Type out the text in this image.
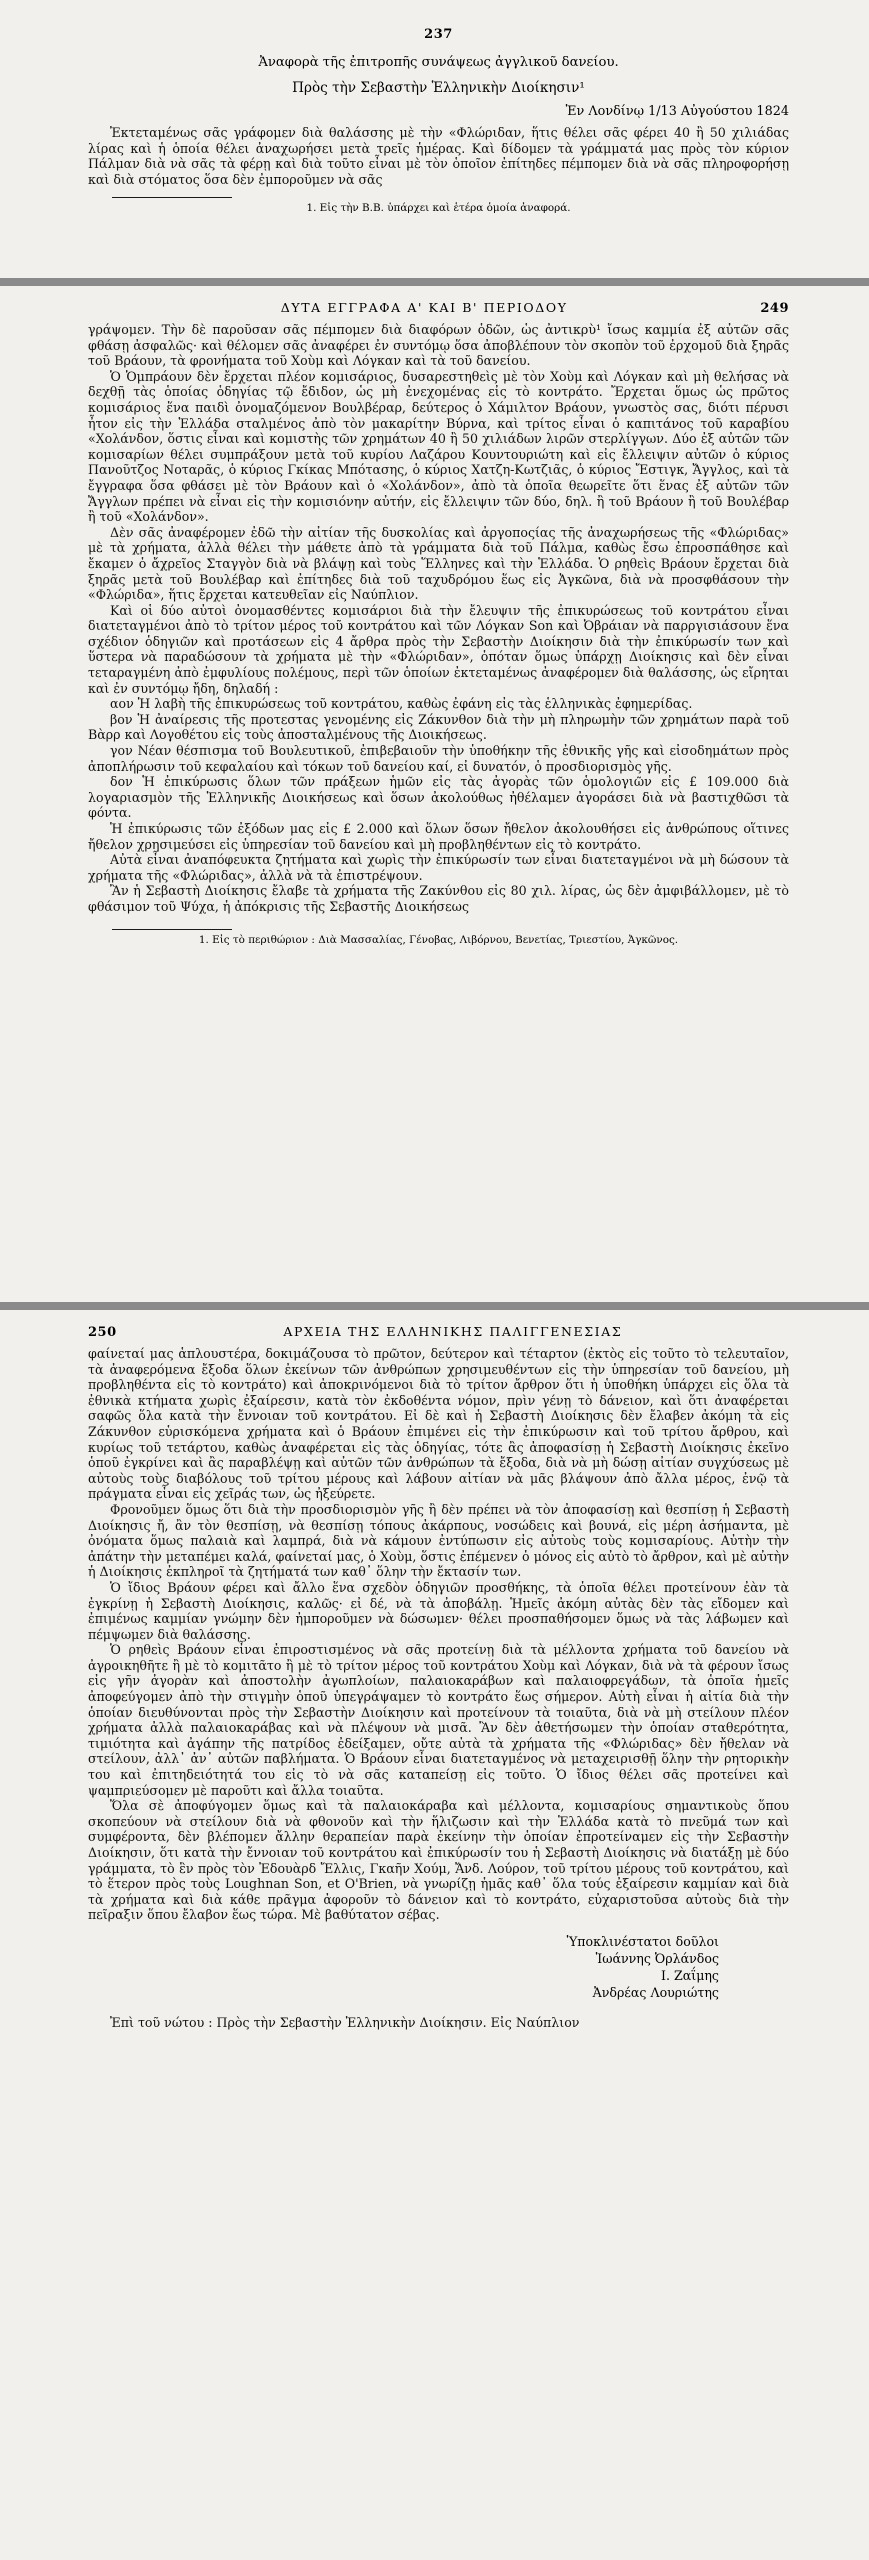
237

Ἀναφορὰ τῆς ἐπιτροπῆς συνάψεως ἀγγλικοῦ δανείου.

Πρὸς τὴν Σεβαστὴν Ἑλληνικὴν Διοίκησιν¹

Ἐν Λονδίνῳ 1/13 Αὐγούστου 1824

Ἐκτεταμένως σᾶς γράφομεν διὰ θαλάσσης μὲ τὴν «Φλώριδαν, ἥτις θέλει σᾶς φέρει 40 ἢ 50 χιλιάδας λίρας καὶ ἡ ὁποία θέλει ἀναχωρήσει μετὰ τρεῖς ἡμέρας. Καὶ δίδομεν τὰ γράμματά μας πρὸς τὸν κύριον Πάλμαν διὰ νὰ σᾶς τὰ φέρῃ καὶ διὰ τοῦτο εἶναι μὲ τὸν ὁποῖον ἐπίτηδες πέμπομεν διὰ νὰ σᾶς πληροφορήσῃ καὶ διὰ στόματος ὅσα δὲν ἐμποροῦμεν νὰ σᾶς

1. Εἰς τὴν Β.Β. ὑπάρχει καὶ ἑτέρα ὁμοία ἀναφορά.

ΔΥΤΑ ΕΓΓΡΑΦΑ Α' ΚΑΙ Β' ΠΕΡΙΟΔΟΥ	249

γράψομεν. Τὴν δὲ παροῦσαν σᾶς πέμπομεν διὰ διαφόρων ὁδῶν, ὡς ἀντικρὺ¹ ἴσως καμμία ἐξ αὐτῶν σᾶς φθάσῃ ἀσφαλῶς· καὶ θέλομεν σᾶς ἀναφέρει ἐν συντόμῳ ὅσα ἀποβλέπουν τὸν σκοπὸν τοῦ ἐρχομοῦ διὰ ξηρᾶς τοῦ Βράουν, τὰ φρονήματα τοῦ Χοὺμ καὶ Λόγκαν καὶ τὰ τοῦ δανείου.

Ὁ Ὁμπράουν δὲν ἔρχεται πλέον κομισάριος, δυσαρεστηθεὶς μὲ τὸν Χοὺμ καὶ Λόγκαν καὶ μὴ θελήσας νὰ δεχθῇ τὰς ὁποίας ὁδηγίας τῷ ἔδιδον, ὡς μὴ ἐνεχομένας εἰς τὸ κοντράτο. Ἔρχεται ὅμως ὡς πρῶτος κομισάριος ἕνα παιδὶ ὀνομαζόμενον Βουλβέραρ, δεύτερος ὁ Χάμιλτον Βράουν, γνωστὸς σας, διότι πέρυσι ἦτον εἰς τὴν Ἑλλάδα σταλμένος ἀπὸ τὸν μακαρίτην Βύρνα, καὶ τρίτος εἶναι ὁ καπιτάνος τοῦ καραβίου «Χολάνδον, ὅστις εἶναι καὶ κομιστὴς τῶν χρημάτων 40 ἢ 50 χιλιάδων λιρῶν στερλίγγων. Δύο ἐξ αὐτῶν τῶν κομισαρίων θέλει συμπράξουν μετὰ τοῦ κυρίου Λαζάρου Κουντουριώτη καὶ εἰς ἔλλειψιν αὐτῶν ὁ κύριος Πανοῦτζος Νοταρᾶς, ὁ κύριος Γκίκας Μπότασης, ὁ κύριος Χατζη-Κωτζιᾶς, ὁ κύριος Ἔστιγκ, Ἄγγλος, καὶ τὰ ἔγγραφα ὅσα φθάσει μὲ τὸν Βράουν καὶ ὁ «Χολάνδον», ἀπὸ τὰ ὁποῖα θεωρεῖτε ὅτι ἕνας ἐξ αὐτῶν τῶν Ἄγγλων πρέπει νὰ εἶναι εἰς τὴν κομισιόνην αὐτήν, εἰς ἔλλειψιν τῶν δύο, δηλ. ἢ τοῦ Βράουν ἢ τοῦ Βουλέβαρ ἢ τοῦ «Χολάνδον».

Δὲν σᾶς ἀναφέρομεν ἐδῶ τὴν αἰτίαν τῆς δυσκολίας καὶ ἀργοποςίας τῆς ἀναχωρήσεως τῆς «Φλώριδας» μὲ τὰ χρήματα, ἀλλὰ θέλει τὴν μάθετε ἀπὸ τὰ γράμματα διὰ τοῦ Πάλμα, καθὼς ἔσω ἐπροσπάθησε καὶ ἔκαμεν ὁ ἄχρεῖος Σταγγὸν διὰ νὰ βλάψῃ καὶ τοὺς Ἕλληνες καὶ τὴν Ἑλλάδα. Ὁ ρηθεὶς Βράουν ἔρχεται διὰ ξηρᾶς μετὰ τοῦ Βουλέβαρ καὶ ἐπίτηδες διὰ τοῦ ταχυδρόμου ἕως εἰς Ἀγκῶνα, διὰ νὰ προσφθάσουν τὴν «Φλώριδα», ἥτις ἔρχεται κατευθεῖαν εἰς Ναύπλιον.

Καὶ οἱ δύο αὐτοὶ ὀνομασθέντες κομισάριοι διὰ τὴν ἔλευψιν τῆς ἐπικυρώσεως τοῦ κοντράτου εἶναι διατεταγμένοι ἀπὸ τὸ τρίτον μέρος τοῦ κοντράτου καὶ τῶν Λόγκαν Son καὶ Ὀβράιαν νὰ παρργισιάσουν ἕνα σχέδιον ὁδηγιῶν καὶ προτάσεων εἰς 4 ἄρθρα πρὸς τὴν Σεβαστὴν Διοίκησιν διὰ τὴν ἐπικύρωσίν των καὶ ὕστερα νὰ παραδώσουν τὰ χρήματα μὲ τὴν «Φλώριδαν», ὁπόταν ὅμως ὑπάρχῃ Διοίκησις καὶ δὲν εἶναι τεταραγμένη ἀπὸ ἐμφυλίους πολέμους, περὶ τῶν ὁποίων ἐκτεταμένως ἀναφέρομεν διὰ θαλάσσης, ὡς εἴρηται καὶ ἐν συντόμῳ ἤδη, δηλαδή :

αον Ἡ λαβὴ τῆς ἐπικυρώσεως τοῦ κοντράτου, καθὼς ἐφάνη εἰς τὰς ἑλληνικὰς ἐφημερίδας.

βον Ἡ ἀναίρεσις τῆς προτεστας γενομένης εἰς Ζάκυνθον διὰ τὴν μὴ πληρωμὴν τῶν χρημάτων παρὰ τοῦ Βὰρρ καὶ Λογοθέτου εἰς τοὺς ἀποσταλμένους τῆς Διοικήσεως.

γον Νέαν θέσπισμα τοῦ Βουλευτικοῦ, ἐπιβεβαιοῦν τὴν ὑποθήκην τῆς ἐθνικῆς γῆς καὶ εἰσοδημάτων πρὸς ἀποπλήρωσιν τοῦ κεφαλαίου καὶ τόκων τοῦ δανείου καί, εἰ δυνατόν, ὁ προσδιορισμὸς γῆς.

δον Ἡ ἐπικύρωσις ὅλων τῶν πράξεων ἡμῶν εἰς τὰς ἀγορὰς τῶν ὁμολογιῶν εἰς £ 109.000 διὰ λογαριασμὸν τῆς Ἑλληνικῆς Διοικήσεως καὶ ὅσων ἀκολούθως ἠθέλαμεν ἀγοράσει διὰ νὰ βαστιχθῶσι τὰ φόντα.

Ἡ ἐπικύρωσις τῶν ἐξόδων μας εἰς £ 2.000 καὶ ὅλων ὅσων ἤθελον ἀκολουθήσει εἰς ἀνθρώπους οἵτινες ἤθελον χρησιμεύσει εἰς ὑπηρεσίαν τοῦ δανείου καὶ μὴ προβληθέντων εἰς τὸ κοντράτο.

Αὐτὰ εἶναι ἀναπόφευκτα ζητήματα καὶ χωρὶς τὴν ἐπικύρωσίν των εἶναι διατεταγμένοι νὰ μὴ δώσουν τὰ χρήματα τῆς «Φλώριδας», ἀλλὰ νὰ τὰ ἐπιστρέψουν.

Ἂν ἡ Σεβαστὴ Διοίκησις ἔλαβε τὰ χρήματα τῆς Ζακύνθου εἰς 80 χιλ. λίρας, ὡς δὲν ἀμφιβάλλομεν, μὲ τὸ φθάσιμον τοῦ Ψύχα, ἡ ἀπόκρισις τῆς Σεβαστῆς Διοικήσεως

1. Εἰς τὸ περιθώριον : Διὰ Μασσαλίας, Γένοβας, Λιβόρνου, Βενετίας, Τριεστίου, Ἀγκῶνος.

250	ΑΡΧΕΙΑ ΤΗΣ ΕΛΛΗΝΙΚΗΣ ΠΑΛΙΓΓΕΝΕΣΙΑΣ

φαίνεταί μας ἁπλουστέρα, δοκιμάζουσα τὸ πρῶτον, δεύτερον καὶ τέταρτον (ἐκτὸς εἰς τοῦτο τὸ τελευταῖον, τὰ ἀναφερόμενα ἔξοδα ὅλων ἐκείνων τῶν ἀνθρώπων χρησιμευθέντων εἰς τὴν ὑπηρεσίαν τοῦ δανείου, μὴ προβληθέντα εἰς τὸ κοντράτο) καὶ ἀποκρινόμενοι διὰ τὸ τρίτον ἄρθρον ὅτι ἡ ὑποθήκη ὑπάρχει εἰς ὅλα τὰ ἐθνικὰ κτήματα χωρὶς ἐξαίρεσιν, κατὰ τὸν ἐκδοθέντα νόμον, πρὶν γένῃ τὸ δάνειον, καὶ ὅτι ἀναφέρεται σαφῶς ὅλα κατὰ τὴν ἔννοιαν τοῦ κοντράτου. Εἰ δὲ καὶ ἡ Σεβαστὴ Διοίκησις δὲν ἔλαβεν ἀκόμη τὰ εἰς Ζάκυνθον εὑρισκόμενα χρήματα καὶ ὁ Βράουν ἐπιμένει εἰς τὴν ἐπικύρωσιν καὶ τοῦ τρίτου ἄρθρου, καὶ κυρίως τοῦ τετάρτου, καθὼς ἀναφέρεται εἰς τὰς ὁδηγίας, τότε ἂς ἀποφασίσῃ ἡ Σεβαστὴ Διοίκησις ἐκεῖνο ὁποῦ ἐγκρίνει καὶ ἂς παραβλέψῃ καὶ αὐτῶν τῶν ἀνθρώπων τὰ ἔξοδα, διὰ νὰ μὴ δώσῃ αἰτίαν συγχύσεως μὲ αὐτοὺς τοὺς διαβόλους τοῦ τρίτου μέρους καὶ λάβουν αἰτίαν νὰ μᾶς βλάψουν ἀπὸ ἄλλα μέρος, ἐνῷ τὰ πράγματα εἶναι εἰς χεῖράς των, ὡς ἠξεύρετε.

Φρονοῦμεν ὅμως ὅτι διὰ τὴν προσδιορισμὸν γῆς ἢ δὲν πρέπει νὰ τὸν ἀποφασίσῃ καὶ θεσπίσῃ ἡ Σεβαστὴ Διοίκησις ἤ, ἂν τὸν θεσπίσῃ, νὰ θεσπίσῃ τόπους ἀκάρπους, νοσώδεις καὶ βουνά, εἰς μέρη ἀσήμαντα, μὲ ὀνόματα ὅμως παλαιὰ καὶ λαμπρά, διὰ νὰ κάμουν ἐντύπωσιν εἰς αὐτοὺς τοὺς κομισαρίους. Αὐτὴν τὴν ἀπάτην τὴν μεταπέμει καλά, φαίνεταί μας, ὁ Χοὺμ, ὅστις ἐπέμενεν ὁ μόνος εἰς αὐτὸ τὸ ἄρθρον, καὶ μὲ αὐτὴν ἡ Διοίκησις ἐκπληροῖ τὰ ζητήματά των καθ᾽ ὅλην τὴν ἔκτασίν των.

Ὁ ἴδιος Βράουν φέρει καὶ ἄλλο ἕνα σχεδὸν ὁδηγιῶν προσθήκης, τὰ ὁποῖα θέλει προτείνουν ἐὰν τὰ ἐγκρίνῃ ἡ Σεβαστὴ Διοίκησις, καλῶς· εἰ δέ, νὰ τὰ ἀποβάλῃ. Ἡμεῖς ἀκόμη αὐτὰς δὲν τὰς εἴδομεν καὶ ἐπιμένως καμμίαν γνώμην δὲν ἠμποροῦμεν νὰ δώσωμεν· θέλει προσπαθήσομεν ὅμως νὰ τὰς λάβωμεν καὶ πέμψωμεν διὰ θαλάσσης.

Ὁ ρηθεὶς Βράουν εἶναι ἐπιροστισμένος νὰ σᾶς προτείνῃ διὰ τὰ μέλλοντα χρήματα τοῦ δανείου νὰ ἀγροικηθῆτε ἢ μὲ τὸ κομιτᾶτο ἢ μὲ τὸ τρίτον μέρος τοῦ κοντράτου Χοὺμ καὶ Λόγκαν, διὰ νὰ τὰ φέρουν ἴσως εἰς γῆν ἀγορὰν καὶ ἀποστολὴν ἀγωπλοίων, παλαιοκαράβων καὶ παλαιοφρεγάδων, τὰ ὁποῖα ἡμεῖς ἀποφεύγομεν ἀπὸ τὴν στιγμὴν ὁποῦ ὑπεγράψαμεν τὸ κοντράτο ἕως σήμερον. Αὐτὴ εἶναι ἡ αἰτία διὰ τὴν ὁποίαν διευθύνονται πρὸς τὴν Σεβαστὴν Διοίκησιν καὶ προτείνουν τὰ τοιαῦτα, διὰ νὰ μὴ στείλουν πλέον χρήματα ἀλλὰ παλαιοκαράβας καὶ νὰ πλέψουν νὰ μισᾶ. Ἂν δὲν ἀθετήσωμεν τὴν ὁποίαν σταθερότητα, τιμιότητα καὶ ἀγάπην τῆς πατρίδος ἐδείξαμεν, οὔτε αὐτὰ τὰ χρήματα τῆς «Φλώριδας» δὲν ἤθελαν νὰ στείλουν, ἀλλ᾽ ἀν᾽ αὐτῶν παβλήματα. Ὁ Βράουν εἶναι διατεταγμένος νὰ μεταχειρισθῇ ὅλην τὴν ρητορικὴν του καὶ ἐπιτηδειότητά του εἰς τὸ νὰ σᾶς καταπείσῃ εἰς τοῦτο. Ὁ ἴδιος θέλει σᾶς προτείνει καὶ ψαμπριεύσομεν μὲ παροῦτι καὶ ἄλλα τοιαῦτα.

Ὅλα σὲ ἀποφύγομεν ὅμως καὶ τὰ παλαιοκάραβα καὶ μέλλοντα, κομισαρίους σημαντικοὺς ὅπου σκοπεύουν νὰ στείλουν διὰ νὰ φθονοῦν καὶ τὴν ἥλιζωσιν καὶ τὴν Ἑλλάδα κατὰ τὸ πνεῦμά των καὶ συμφέροντα, δὲν βλέπομεν ἄλλην θεραπείαν παρὰ ἐκείνην τὴν ὁποίαν ἐπροτείναμεν εἰς τὴν Σεβαστὴν Διοίκησιν, ὅτι κατὰ τὴν ἔννοιαν τοῦ κοντράτου καὶ ἐπικύρωσίν του ἡ Σεβαστὴ Διοίκησις νὰ διατάξῃ μὲ δύο γράμματα, τὸ ἓν πρὸς τὸν Ἐδουὰρδ Ἔλλις, Γκαῆν Χούμ, Ἄνδ. Λούρον, τοῦ τρίτου μέρους τοῦ κοντράτου, καὶ τὸ ἕτερον πρὸς τοὺς Loughnan Son, et O'Brien, νὰ γνωρίζῃ ἡμᾶς καθ᾽ ὅλα τούς ἐξαίρεσιν καμμίαν καὶ διὰ τὰ χρήματα καὶ διὰ κάθε πρᾶγμα ἀφοροῦν τὸ δάνειον καὶ τὸ κοντράτο, εὐχαριστοῦσα αὐτοὺς διὰ τὴν πεῖραξιν ὅπου ἔλαβον ἕως τώρα. Μὲ βαθύτατον σέβας.

Ὑποκλινέστατοι δοῦλοι

Ἰωάννης Ὀρλάνδος

Ι. Ζαΐμης

Ἀνδρέας Λουριώτης

Ἐπὶ τοῦ νώτου : Πρὸς τὴν Σεβαστὴν Ἑλληνικὴν Διοίκησιν. Εἰς Ναύπλιον
